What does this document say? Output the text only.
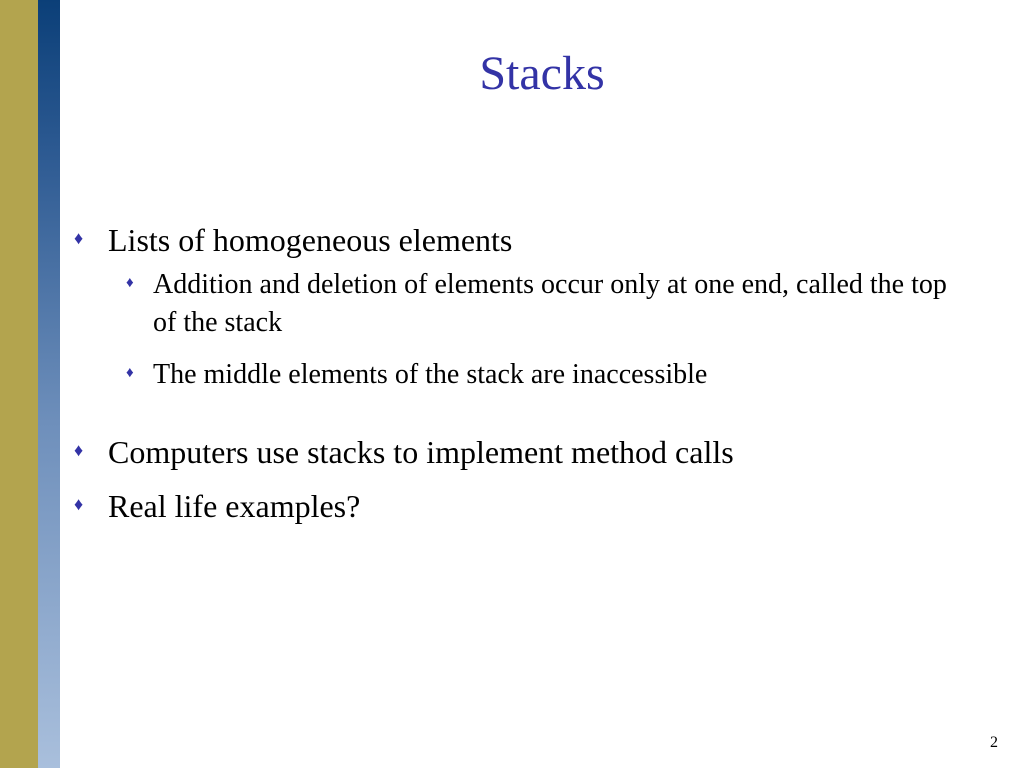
Stacks
♦ Lists of homogeneous elements
♦ Addition and deletion of elements occur only at one end, called the top of the stack
♦ The middle elements of the stack are inaccessible
♦ Computers use stacks to implement method calls
♦ Real life examples?
2
